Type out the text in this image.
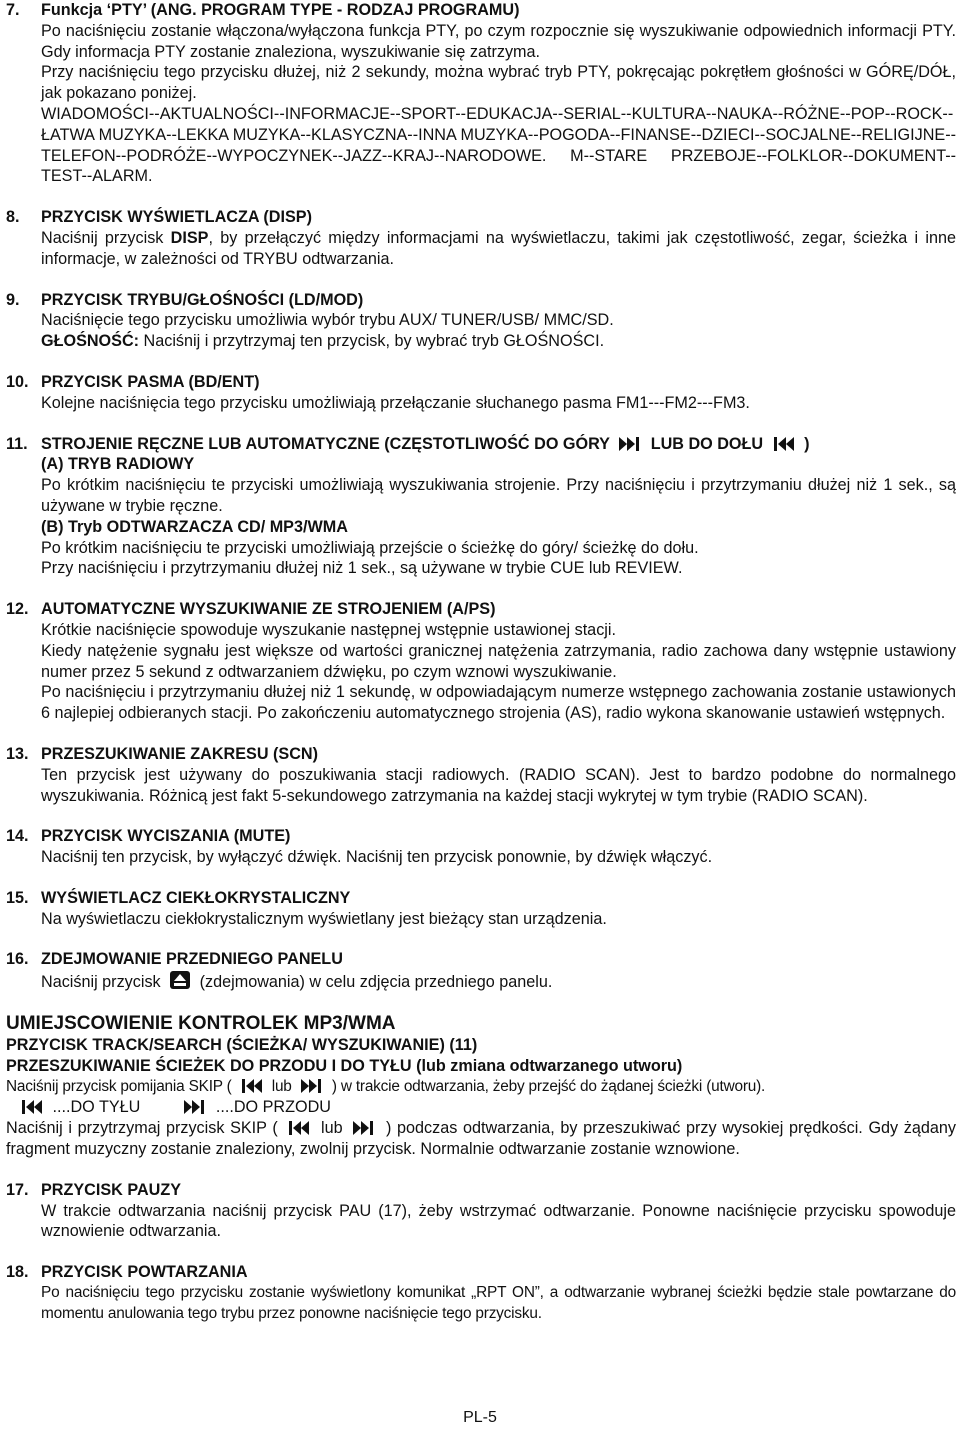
7. Funkcja ‘PTY’ (ANG. PROGRAM TYPE - RODZAJ PROGRAMU)

Po naciśnięciu zostanie włączona/wyłączona funkcja PTY, po czym rozpocznie się wyszukiwanie odpowiednich informacji PTY. Gdy informacja PTY zostanie znaleziona, wyszukiwanie się zatrzyma.

Przy naciśnięciu tego przycisku dłużej, niż 2 sekundy, można wybrać tryb PTY, pokręcając pokrętłem głośności w GÓRĘ/DÓŁ, jak pokazano poniżej.

WIADOMOŚCI--AKTUALNOŚCI--INFORMACJE--SPORT--EDUKACJA--SERIAL--KULTURA--NAUKA--RÓŻNE--POP--ROCK--ŁATWA MUZYKA--LEKKA MUZYKA--KLASYCZNA--INNA MUZYKA--POGODA--FINANSE--DZIECI--SOCJALNE--RELIGIJNE--TELEFON--PODRÓŻE--WYPOCZYNEK--JAZZ--KRAJ--NARODOWE. M--STARE PRZEBOJE--FOLKLOR--DOKUMENT--TEST--ALARM.

8. PRZYCISK WYŚWIETLACZA (DISP)

Naciśnij przycisk DISP, by przełączyć między informacjami na wyświetlaczu, takimi jak częstotliwość, zegar, ścieżka i inne informacje, w zależności od TRYBU odtwarzania.

9. PRZYCISK TRYBU/GŁOŚNOŚCI (LD/MOD)

Naciśnięcie tego przycisku umożliwia wybór trybu AUX/ TUNER/USB/ MMC/SD.

GŁOŚNOŚĆ: Naciśnij i przytrzymaj ten przycisk, by wybrać tryb GŁOŚNOŚCI.

10. PRZYCISK PASMA (BD/ENT)

Kolejne naciśnięcia tego przycisku umożliwiają przełączanie słuchanego pasma FM1---FM2---FM3.

11. STROJENIE RĘCZNE LUB AUTOMATYCZNE (CZĘSTOTLIWOŚĆ DO GÓRY	LUB DO DOŁU	)

(A) TRYB RADIOWY

Po krótkim naciśnięciu te przyciski umożliwiają wyszukiwania strojenie. Przy naciśnięciu i przytrzymaniu dłużej niż 1 sek., są używane w trybie ręczne.

(B) Tryb ODTWARZACZA CD/ MP3/WMA

Po krótkim naciśnięciu te przyciski umożliwiają przejście o ścieżkę do góry/ ścieżkę do dołu.

Przy naciśnięciu i przytrzymaniu dłużej niż 1 sek., są używane w trybie CUE lub REVIEW.

12. AUTOMATYCZNE WYSZUKIWANIE ZE STROJENIEM (A/PS)

Krótkie naciśnięcie spowoduje wyszukanie następnej wstępnie ustawionej stacji.

Kiedy natężenie sygnału jest większe od wartości granicznej natężenia zatrzymania, radio zachowa dany wstępnie ustawiony numer przez 5 sekund z odtwarzaniem dźwięku, po czym wznowi wyszukiwanie.

Po naciśnięciu i przytrzymaniu dłużej niż 1 sekundę, w odpowiadającym numerze wstępnego zachowania zostanie ustawionych 6 najlepiej odbieranych stacji. Po zakończeniu automatycznego strojenia (AS), radio wykona skanowanie ustawień wstępnych.

13. PRZESZUKIWANIE ZAKRESU (SCN)

Ten przycisk jest używany do poszukiwania stacji radiowych. (RADIO SCAN). Jest to bardzo podobne do normalnego wyszukiwania. Różnicą jest fakt 5-sekundowego zatrzymania na każdej stacji wykrytej w tym trybie (RADIO SCAN).

14. PRZYCISK WYCISZANIA (MUTE)

Naciśnij ten przycisk, by wyłączyć dźwięk. Naciśnij ten przycisk ponownie, by dźwięk włączyć.

15. WYŚWIETLACZ CIEKŁOKRYSTALICZNY

Na wyświetlaczu ciekłokrystalicznym wyświetlany jest bieżący stan urządzenia.

16. ZDEJMOWANIE PRZEDNIEGO PANELU

Naciśnij przycisk (zdejmowania) w celu zdjęcia przedniego panelu.

UMIEJSCOWIENIE KONTROLEK MP3/WMA

PRZYCISK TRACK/SEARCH (ŚCIEŻKA/ WYSZUKIWANIE) (11)

PRZESZUKIWANIE ŚCIEŻEK DO PRZODU I DO TYŁU (lub zmiana odtwarzanego utworu)

Naciśnij przycisk pomijania SKIP (	lub	) w trakcie odtwarzania, żeby przejść do żądanej ścieżki (utworu).

....DO TYŁU	....DO PRZODU

Naciśnij i przytrzymaj przycisk SKIP (	lub	) podczas odtwarzania, by przeszukiwać przy wysokiej prędkości. Gdy żądany fragment muzyczny zostanie znaleziony, zwolnij przycisk. Normalnie odtwarzanie zostanie wznowione.

17. PRZYCISK PAUZY

W trakcie odtwarzania naciśnij przycisk PAU (17), żeby wstrzymać odtwarzanie. Ponowne naciśnięcie przycisku spowoduje wznowienie odtwarzania.

18. PRZYCISK POWTARZANIA

Po naciśnięciu tego przycisku zostanie wyświetlony komunikat „RPT ON”, a odtwarzanie wybranej ścieżki będzie stale powtarzane do momentu anulowania tego trybu przez ponowne naciśnięcie tego przycisku.

PL-5
